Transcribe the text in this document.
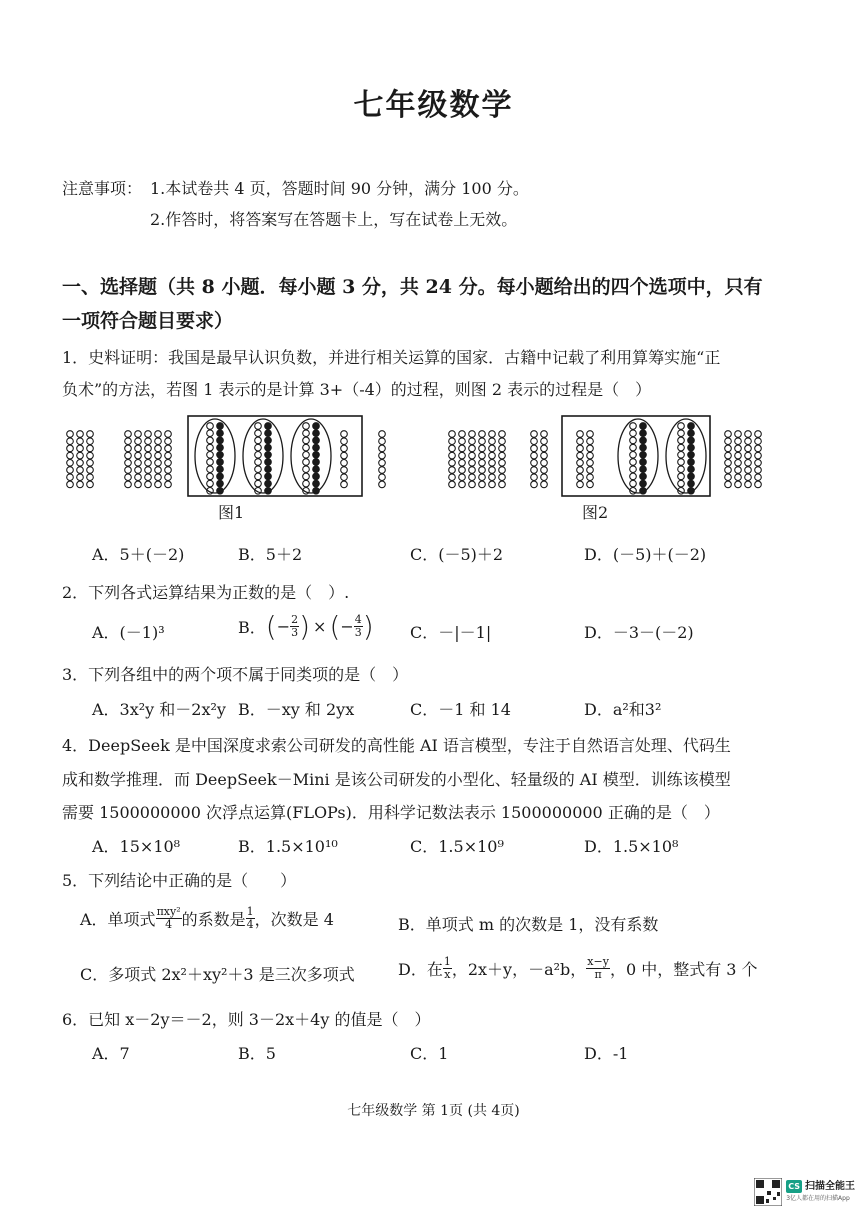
七年级数学
注意事项： 1.本试卷共 4 页，答题时间 90 分钟，满分 100 分。
2.作答时，将答案写在答题卡上，写在试卷上无效。
一、选择题（共 8 小题．每小题 3 分，共 24 分。每小题给出的四个选项中，只有
一项符合题目要求）
1．史料证明：我国是最早认识负数，并进行相关运算的国家．古籍中记载了利用算筹实施“正
负术”的方法，若图 1 表示的是计算 3+（-4）的过程，则图 2 表示的过程是（　）
图1	图2
A．5＋(－2)	B．5＋2	C．(－5)＋2	D．(－5)＋(－2)
2．下列各式运算结果为正数的是（　）.
A．(－1)³	B． ( − $\frac{2}{3}$ ) × ( − $\frac{4}{3}$ ) C．－|－1|	D．－3－(－2)
3．下列各组中的两个项不属于同类项的是（　）
A．3x²y 和－2x²y B．－xy 和 2yx	C．－1 和 14	D．a²和3²
4．DeepSeek 是中国深度求索公司研发的高性能 AI 语言模型，专注于自然语言处理、代码生
成和数学推理．而 DeepSeek－Mini 是该公司研发的小型化、轻量级的 AI 模型．训练该模型
需要 1500000000 次浮点运算(FLOPs)．用科学记数法表示 1500000000 正确的是（　）
A．15×10⁸	B．1.5×10¹⁰	C．1.5×10⁹	D．1.5×10⁸
5．下列结论中正确的是（　　）
A．单项式 $\frac{\text{πxy²}}{4}$ 的系数是 $\frac{1}{4}$ ，次数是 4	B．单项式 m 的次数是 1，没有系数
C．多项式 2x²＋xy²＋3 是三次多项式	D．在 $\frac{1}{x}$ ，2x＋y，－a²b， $\frac{x-y}{\pi}$ ，0 中，整式有 3 个
6．已知 x－2y＝－2，则 3－2x＋4y 的值是（　）
A．7	B．5	C．1	D．-1
七年级数学 第 1页 (共 4页)
CS 扫描全能王
3亿人都在用的扫描App
